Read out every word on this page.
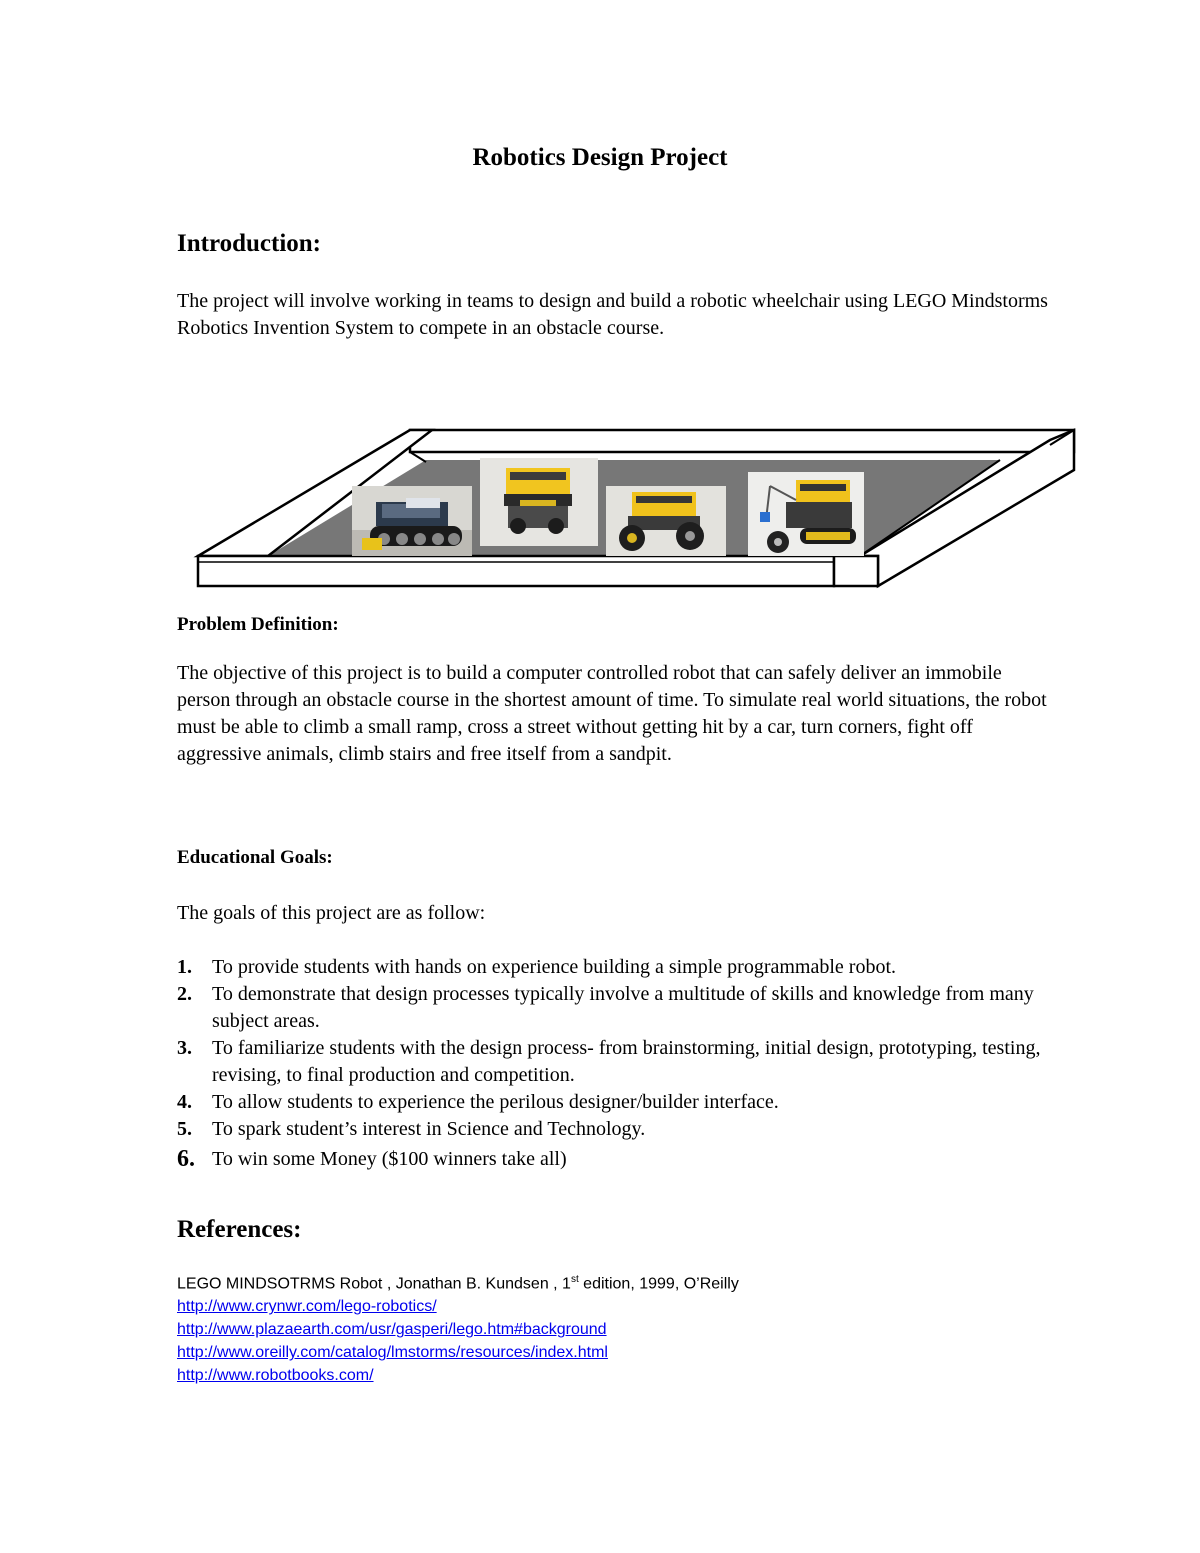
Robotics Design Project
Introduction:

The project will involve working in teams to design and build a robotic wheelchair using LEGO Mindstorms Robotics Invention System to compete in an obstacle course.

Problem Definition:

The objective of this project is to build a computer controlled robot that can safely deliver an immobile person through an obstacle course in the shortest amount of time. To simulate real world situations, the robot must be able to climb a small ramp, cross a street without getting hit by a car, turn corners, fight off aggressive animals, climb stairs and free itself from a sandpit.

Educational Goals:
The goals of this project are as follow:
1. To provide students with hands on experience building a simple programmable robot.
2. To demonstrate that design processes typically involve a multitude of skills and knowledge from many subject areas.
3. To familiarize students with the design process- from brainstorming, initial design, prototyping, testing, revising, to final production and competition.
4. To allow students to experience the perilous designer/builder interface.
5. To spark student’s interest in Science and Technology.
6. To win some Money ($100 winners take all)
References:
LEGO MINDSOTRMS Robot , Jonathan B. Kundsen , 1st edition, 1999, O’Reilly
http://www.crynwr.com/lego-robotics/
http://www.plazaearth.com/usr/gasperi/lego.htm#background
http://www.oreilly.com/catalog/lmstorms/resources/index.html
http://www.robotbooks.com/
